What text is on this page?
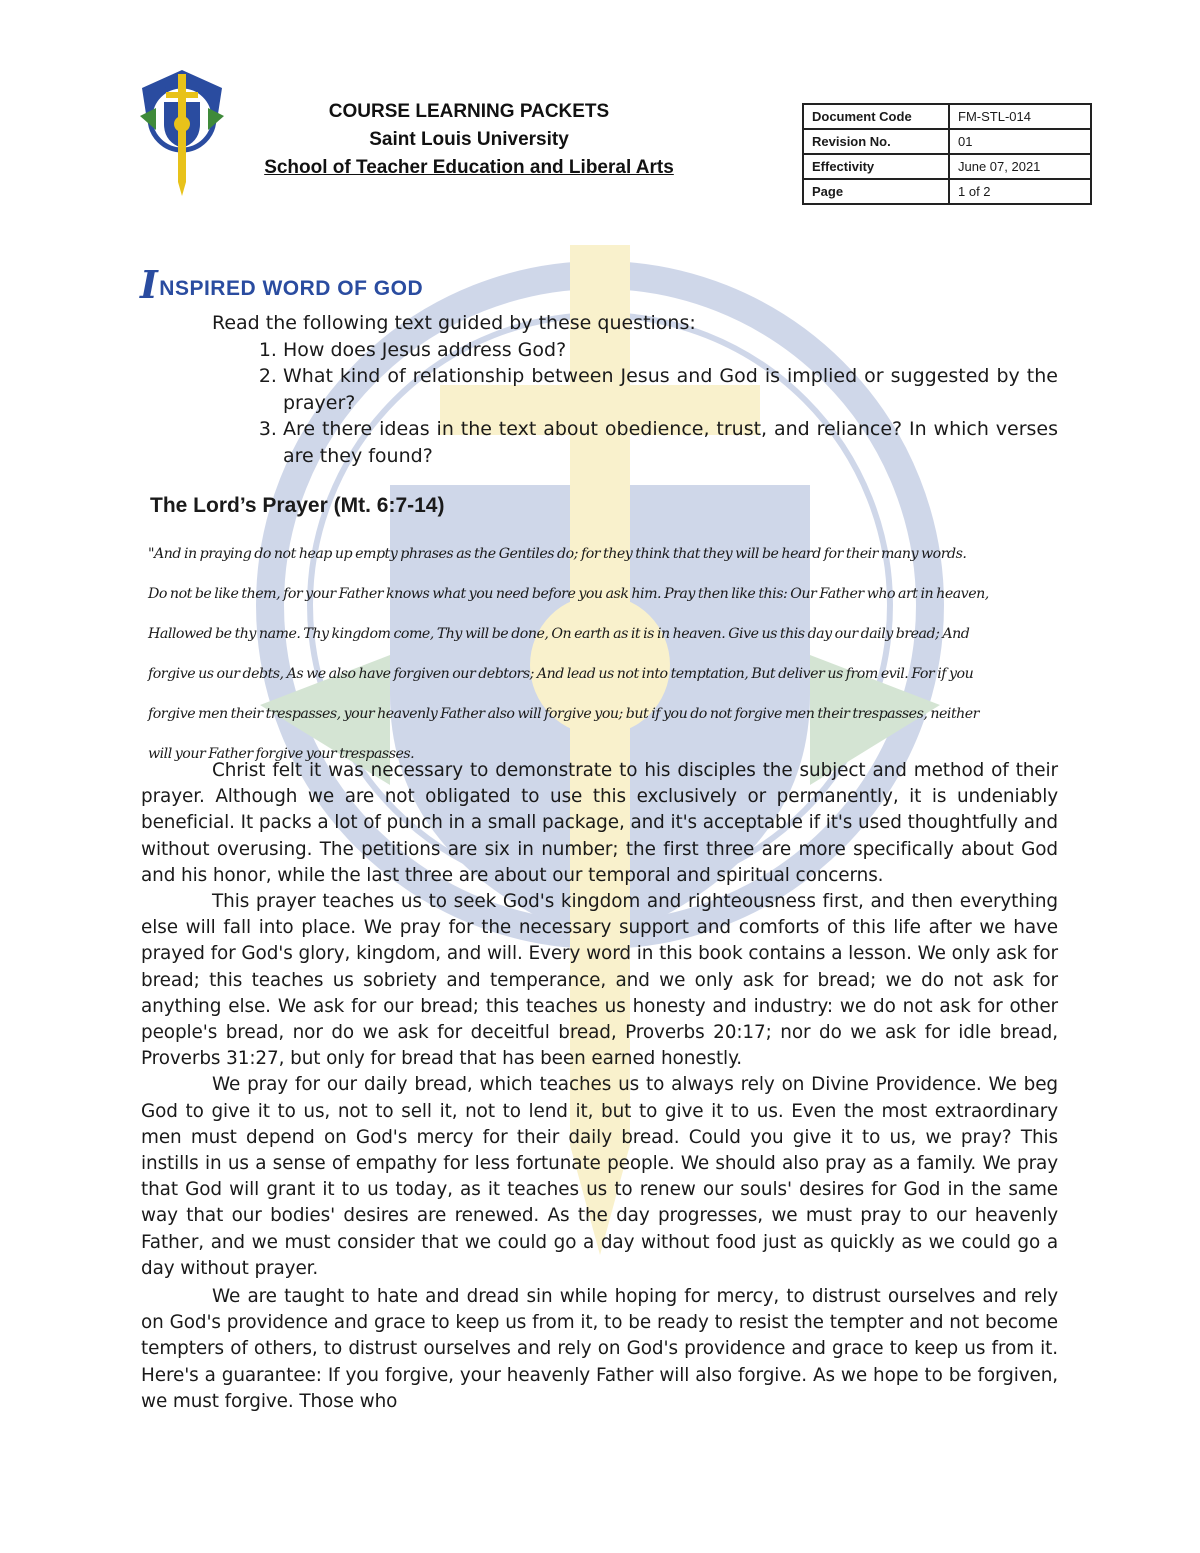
COURSE LEARNING PACKETS
Saint Louis University
School of Teacher Education and Liberal Arts
Document Code	FM-STL-014
Revision No.	01
Effectivity	June 07, 2021
Page	1 of 2
INSPIRED WORD OF GOD
Read the following text guided by these questions:
1. How does Jesus address God?
2. What kind of relationship between Jesus and God is implied or suggested by the prayer?
3. Are there ideas in the text about obedience, trust, and reliance? In which verses are they found?
The Lord’s Prayer (Mt. 6:7-14)
"And in praying do not heap up empty phrases as the Gentiles do; for they think that they will be heard for their many words.
Do not be like them, for your Father knows what you need before you ask him. Pray then like this: Our Father who art in heaven,
Hallowed be thy name. Thy kingdom come, Thy will be done, On earth as it is in heaven. Give us this day our daily bread; And
forgive us our debts, As we also have forgiven our debtors; And lead us not into temptation, But deliver us from evil. For if you
forgive men their trespasses, your heavenly Father also will forgive you; but if you do not forgive men their trespasses, neither
will your Father forgive your trespasses.

Christ felt it was necessary to demonstrate to his disciples the subject and method of their prayer. Although we are not obligated to use this exclusively or permanently, it is undeniably beneficial. It packs a lot of punch in a small package, and it's acceptable if it's used thoughtfully and without overusing. The petitions are six in number; the first three are more specifically about God and his honor, while the last three are about our temporal and spiritual concerns.

This prayer teaches us to seek God's kingdom and righteousness first, and then everything else will fall into place. We pray for the necessary support and comforts of this life after we have prayed for God's glory, kingdom, and will. Every word in this book contains a lesson. We only ask for bread; this teaches us sobriety and temperance, and we only ask for bread; we do not ask for anything else. We ask for our bread; this teaches us honesty and industry: we do not ask for other people's bread, nor do we ask for deceitful bread, Proverbs 20:17; nor do we ask for idle bread, Proverbs 31:27, but only for bread that has been earned honestly.

We pray for our daily bread, which teaches us to always rely on Divine Providence. We beg God to give it to us, not to sell it, not to lend it, but to give it to us. Even the most extraordinary men must depend on God's mercy for their daily bread. Could you give it to us, we pray? This instills in us a sense of empathy for less fortunate people. We should also pray as a family. We pray that God will grant it to us today, as it teaches us to renew our souls' desires for God in the same way that our bodies' desires are renewed. As the day progresses, we must pray to our heavenly Father, and we must consider that we could go a day without food just as quickly as we could go a day without prayer.

We are taught to hate and dread sin while hoping for mercy, to distrust ourselves and rely on God's providence and grace to keep us from it, to be ready to resist the tempter and not become tempters of others, to distrust ourselves and rely on God's providence and grace to keep us from it. Here's a guarantee: If you forgive, your heavenly Father will also forgive. As we hope to be forgiven, we must forgive. Those who
